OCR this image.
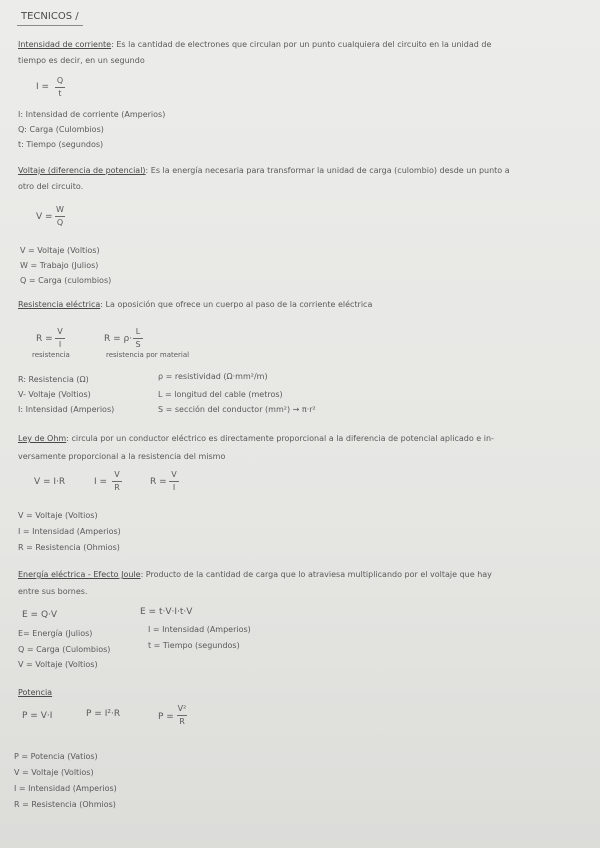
TECNICOS /
Intensidad de corriente: Es la cantidad de electrones que circulan por un punto cualquiera del circuito en la unidad de
tiempo es decir, en un segundo
I =
Q
t
I: Intensidad de corriente (Amperios)
Q: Carga (Culombios)
t: Tiempo (segundos)
Voltaje (diferencia de potencial): Es la energía necesaria para transformar la unidad de carga (culombio) desde un punto a
otro del circuito.
V =
W
Q
V = Voltaje (Voltios)
W = Trabajo (Julios)
Q = Carga (culombios)
Resistencia eléctrica: La oposición que ofrece un cuerpo al paso de la corriente eléctrica
R =
V
I
resistencia
R = ρ·
L
S
resistencia por material
R: Resistencia (Ω)
V- Voltaje (Voltios)
I: Intensidad (Amperios)
ρ = resistividad (Ω·mm²/m)
L = longitud del cable (metros)
S = sección del conductor (mm²) → π·r²
Ley de Ohm: circula por un conductor eléctrico es directamente proporcional a la diferencia de potencial aplicado e in-
versamente proporcional a la resistencia del mismo
V = I·R	I =
V
R
R =
V
I
V = Voltaje (Voltios)
I = Intensidad (Amperios)
R = Resistencia (Ohmios)
Energía eléctrica - Efecto Joule: Producto de la cantidad de carga que lo atraviesa multiplicando por el voltaje que hay
entre sus bornes.
E = Q·V	E = t·V·I·t·V
E= Energía (Julios)
Q = Carga (Culombios)
V = Voltaje (Voltios)
I = Intensidad (Amperios)
t = Tiempo (segundos)
Potencia
P = V·I	P = I²·R	P =
V²
R
P = Potencia (Vatios)
V = Voltaje (Voltios)
I = Intensidad (Amperios)
R = Resistencia (Ohmios)
